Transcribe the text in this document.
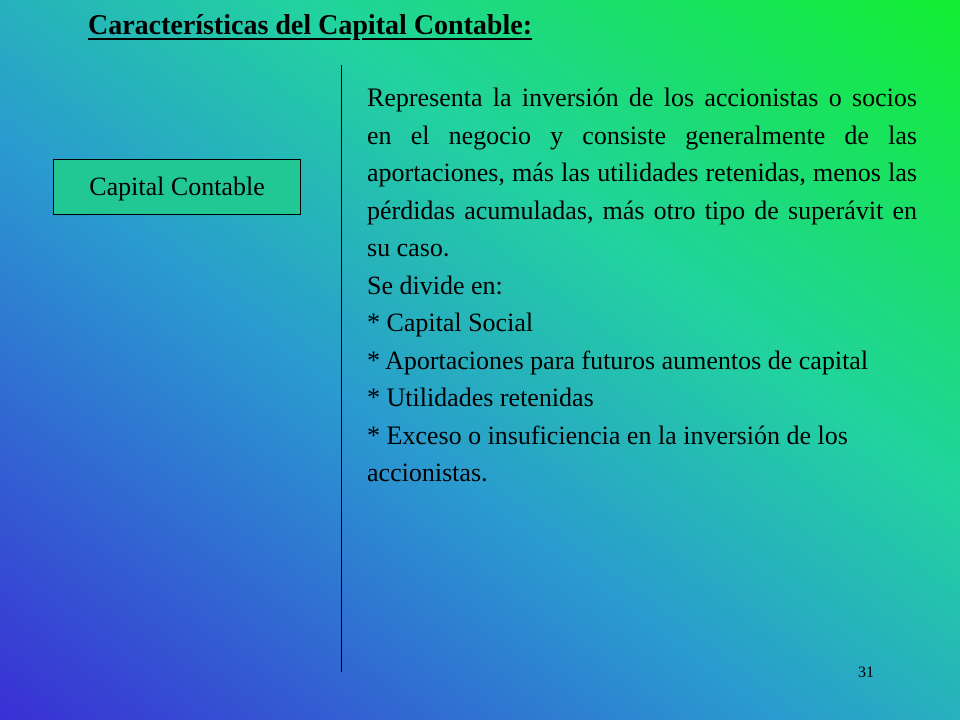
Características del Capital Contable:
Capital Contable

Representa la inversión de los accionistas o socios en el negocio y consiste generalmente de las aportaciones, más las utilidades retenidas, menos las pérdidas acumuladas, más otro tipo de superávit en su caso.

Se divide en:

* Capital Social

* Aportaciones para futuros aumentos de capital

* Utilidades retenidas

* Exceso o insuficiencia en la inversión de los accionistas.

31
